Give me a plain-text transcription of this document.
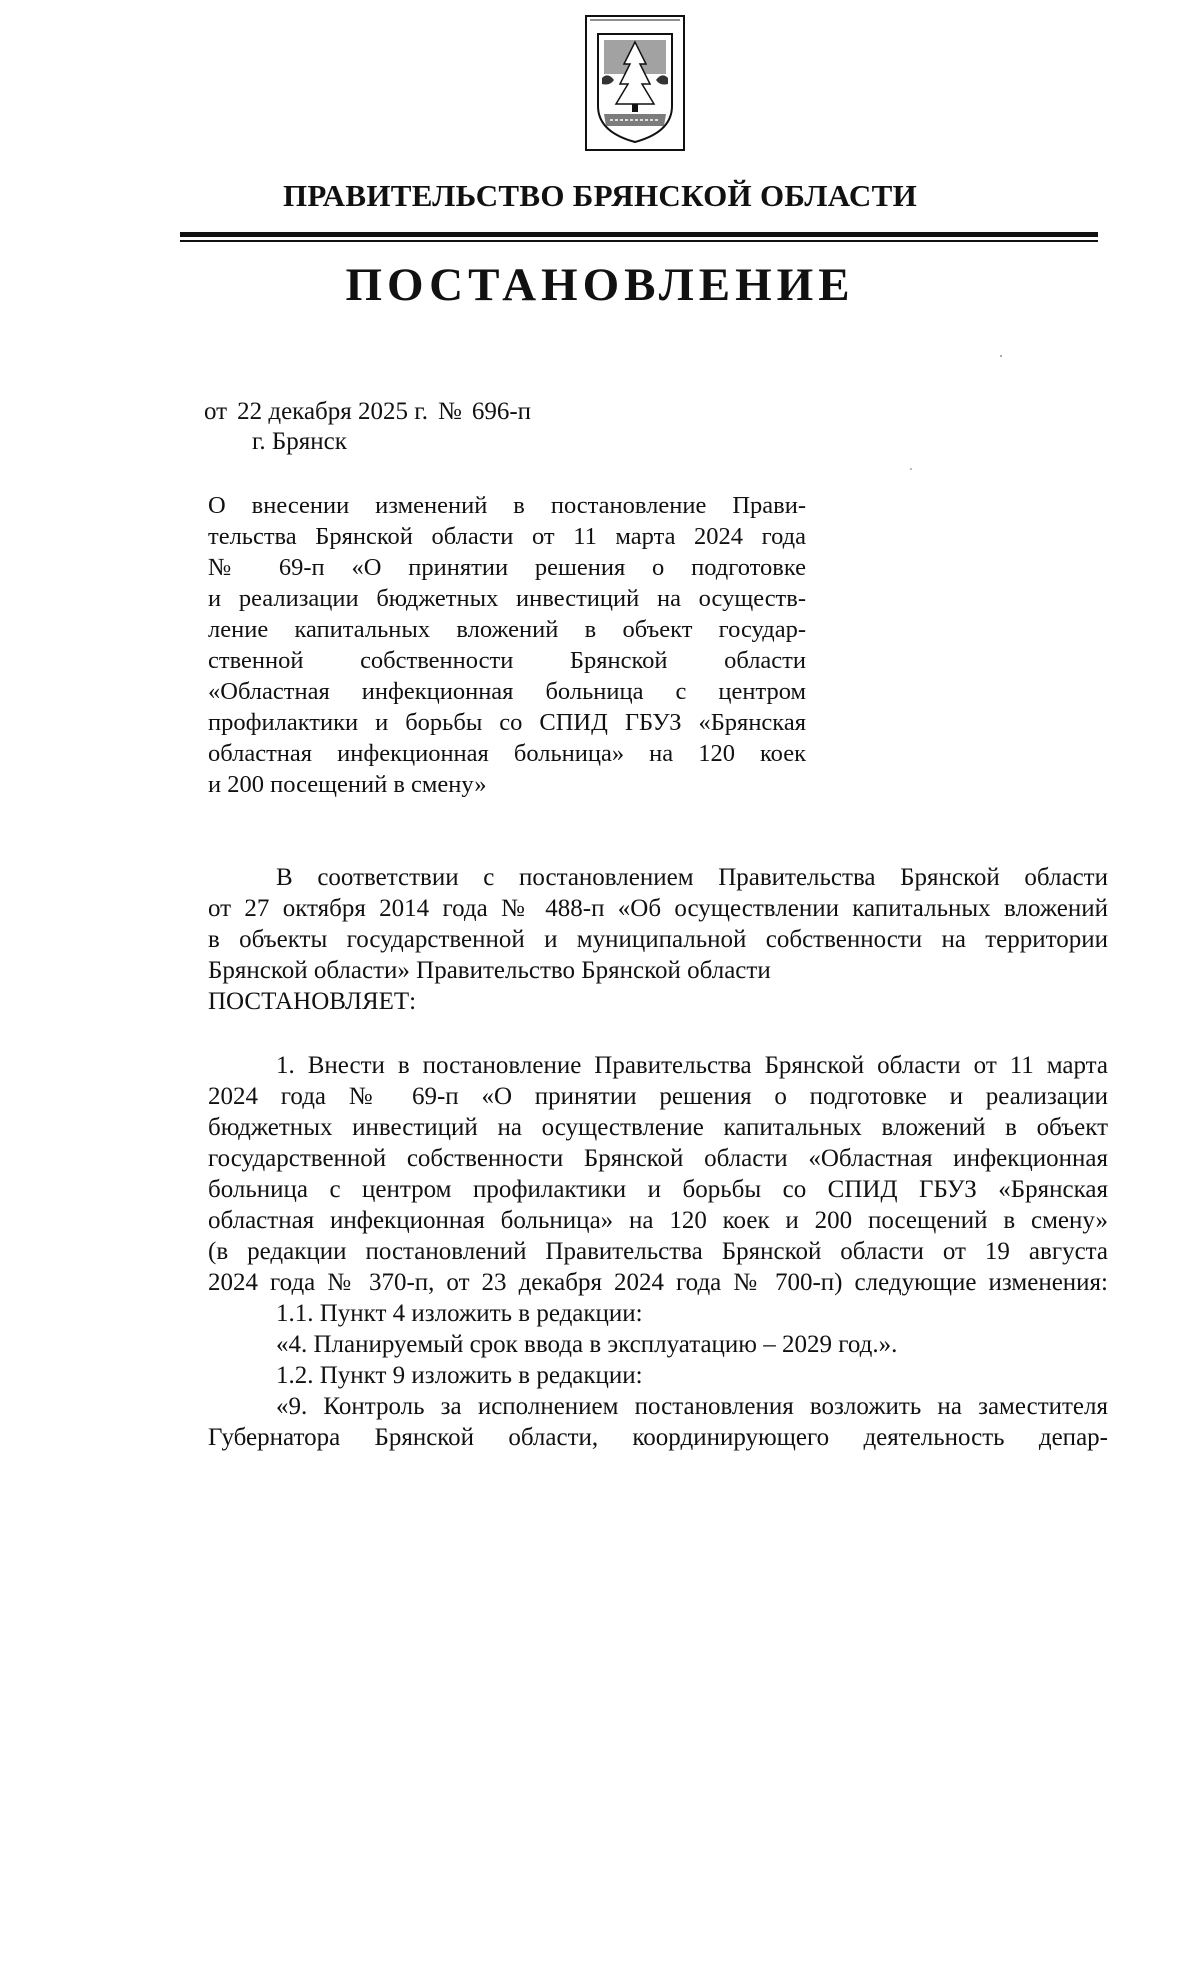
ПРАВИТЕЛЬСТВО БРЯНСКОЙ ОБЛАСТИ
ПОСТАНОВЛЕНИЕ
от 22 декабря 2025 г. № 696-п
г. Брянск
О внесении изменений в постановление Прави-
тельства Брянской области от 11 марта 2024 года
№ 69-п «О принятии решения о подготовке
и реализации бюджетных инвестиций на осуществ-
ление капитальных вложений в объект государ-
ственной собственности Брянской области
«Областная инфекционная больница с центром
профилактики и борьбы со СПИД ГБУЗ «Брянская
областная инфекционная больница» на 120 коек
и 200 посещений в смену»
В соответствии с постановлением Правительства Брянской области
от 27 октября 2014 года № 488-п «Об осуществлении капитальных вложений
в объекты государственной и муниципальной собственности на территории
Брянской области» Правительство Брянской области
ПОСТАНОВЛЯЕТ:
1. Внести в постановление Правительства Брянской области от 11 марта
2024 года № 69-п «О принятии решения о подготовке и реализации
бюджетных инвестиций на осуществление капитальных вложений в объект
государственной собственности Брянской области «Областная инфекционная
больница с центром профилактики и борьбы со СПИД ГБУЗ «Брянская
областная инфекционная больница» на 120 коек и 200 посещений в смену»
(в редакции постановлений Правительства Брянской области от 19 августа
2024 года № 370-п, от 23 декабря 2024 года № 700-п) следующие изменения:
1.1. Пункт 4 изложить в редакции:
«4. Планируемый срок ввода в эксплуатацию – 2029 год.».
1.2. Пункт 9 изложить в редакции:
«9. Контроль за исполнением постановления возложить на заместителя
Губернатора Брянской области, координирующего деятельность депар-
